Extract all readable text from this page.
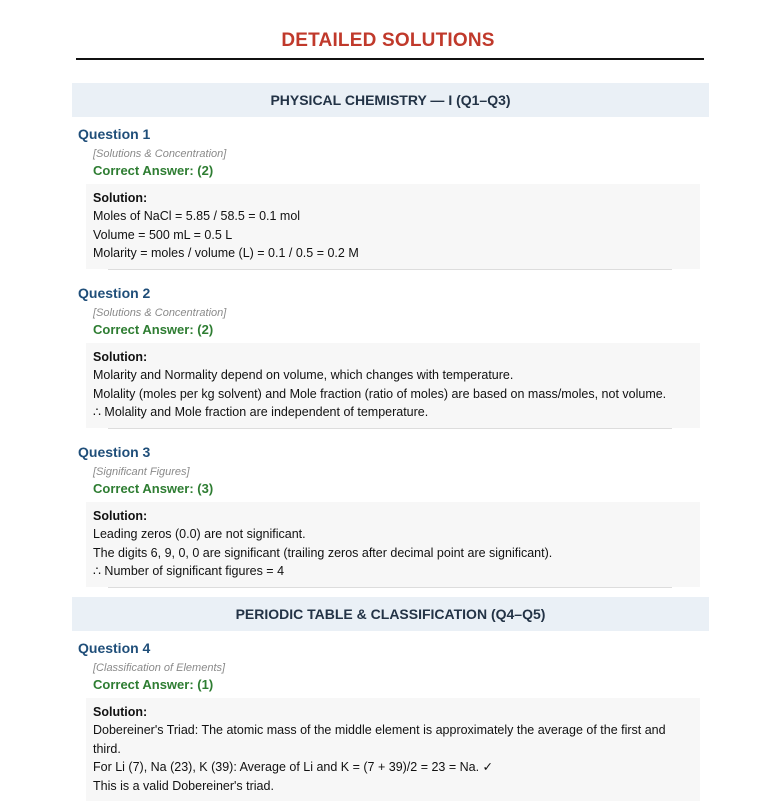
DETAILED SOLUTIONS
PHYSICAL CHEMISTRY — I (Q1–Q3)
Question 1
[Solutions & Concentration]
Correct Answer: (2)
Solution:
Moles of NaCl = 5.85 / 58.5 = 0.1 mol
Volume = 500 mL = 0.5 L
Molarity = moles / volume (L) = 0.1 / 0.5 = 0.2 M
Question 2
[Solutions & Concentration]
Correct Answer: (2)
Solution:
Molarity and Normality depend on volume, which changes with temperature.
Molality (moles per kg solvent) and Mole fraction (ratio of moles) are based on mass/moles, not volume.
∴ Molality and Mole fraction are independent of temperature.
Question 3
[Significant Figures]
Correct Answer: (3)
Solution:
Leading zeros (0.0) are not significant.
The digits 6, 9, 0, 0 are significant (trailing zeros after decimal point are significant).
∴ Number of significant figures = 4
PERIODIC TABLE & CLASSIFICATION (Q4–Q5)
Question 4
[Classification of Elements]
Correct Answer: (1)
Solution:
Dobereiner's Triad: The atomic mass of the middle element is approximately the average of the first and
third.
For Li (7), Na (23), K (39): Average of Li and K = (7 + 39)/2 = 23 = Na. ✓
This is a valid Dobereiner's triad.
